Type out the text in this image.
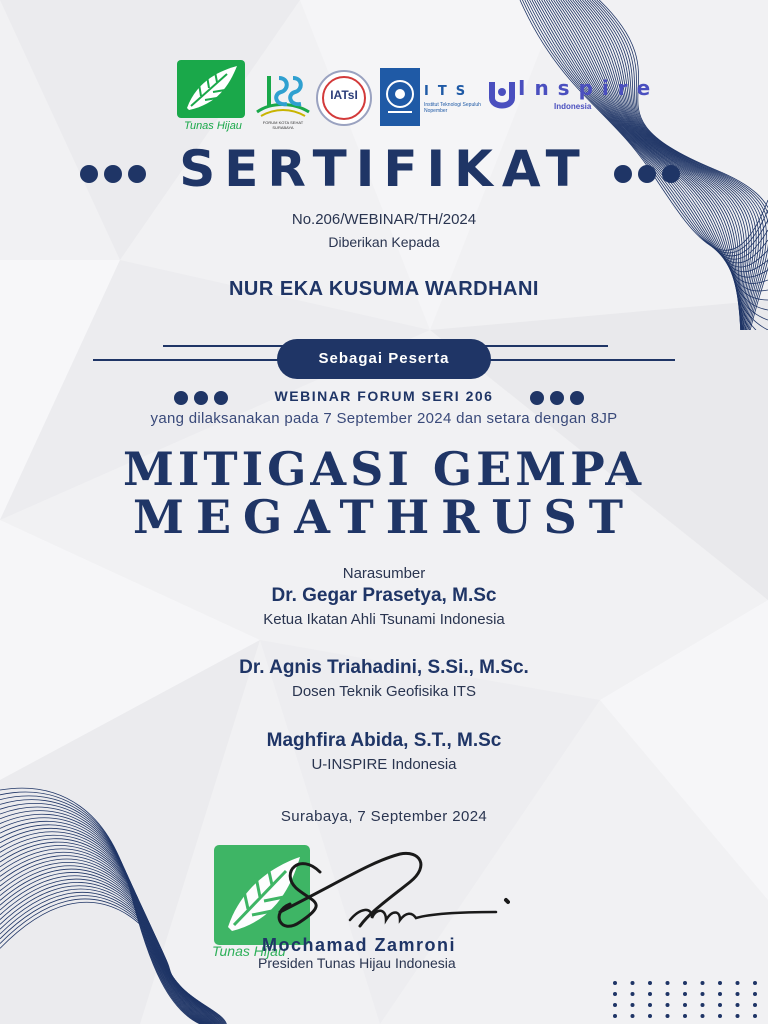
Tunas Hijau	FORUM KOTA SEHAT SURABAYA
IATsI	ITS
Institut Teknologi Sepuluh Nopember
Inspire
Indonesia
SERTIFIKAT
No.206/WEBINAR/TH/2024
Diberikan Kepada
NUR EKA KUSUMA WARDHANI
Sebagai Peserta
WEBINAR FORUM SERI 206
yang dilaksanakan pada 7 September 2024 dan setara dengan 8JP
MITIGASI GEMPA
MEGATHRUST
Narasumber
Dr. Gegar Prasetya, M.Sc
Ketua Ikatan Ahli Tsunami Indonesia
Dr. Agnis Triahadini, S.Si., M.Sc.
Dosen Teknik Geofisika ITS
Maghfira Abida, S.T., M.Sc
U-INSPIRE Indonesia
Surabaya, 7 September 2024
Tunas Hijau
Mochamad Zamroni
Presiden Tunas Hijau Indonesia
